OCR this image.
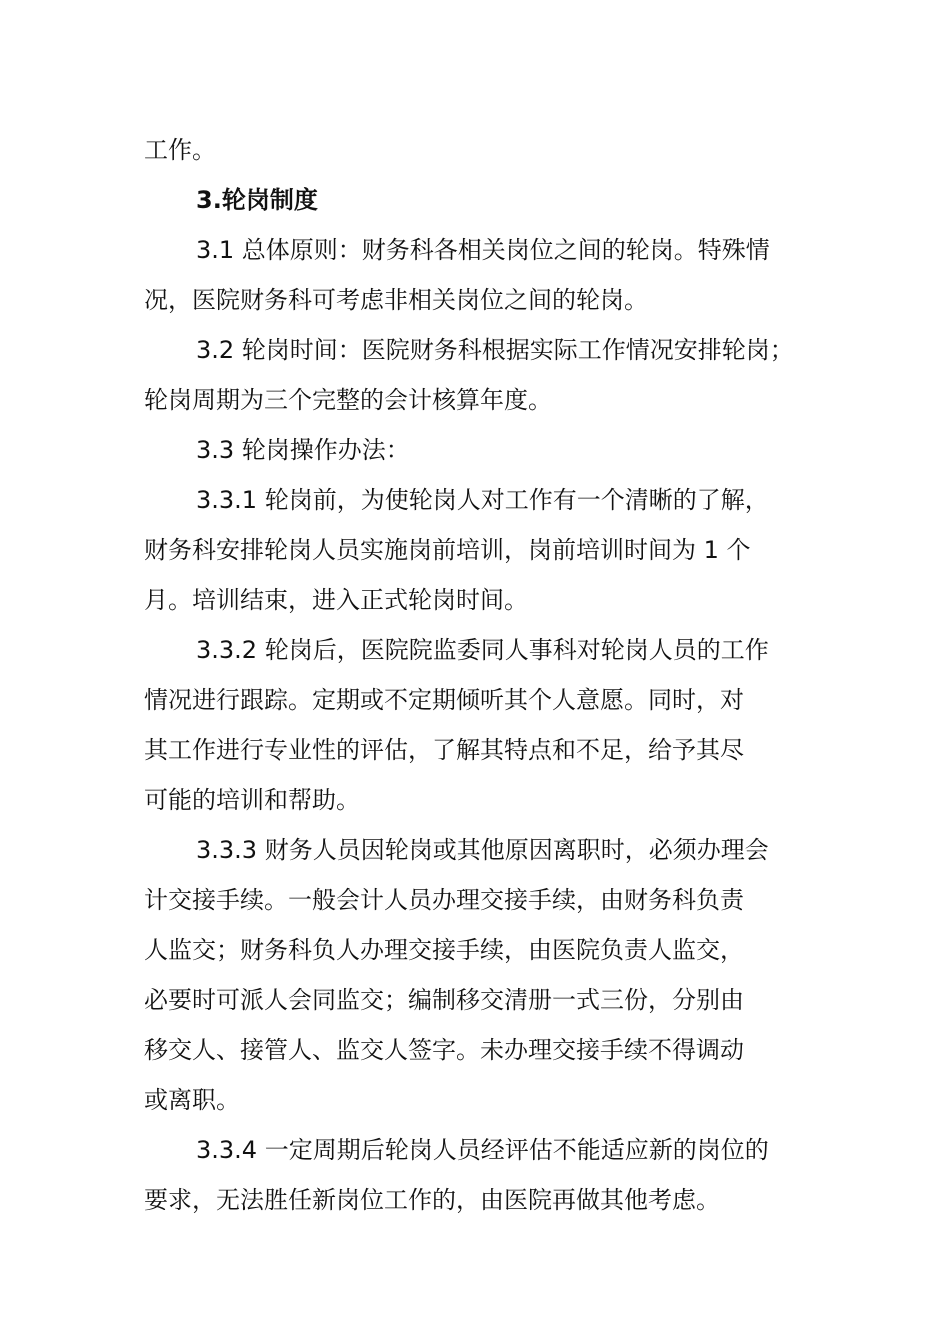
工作。
3.轮岗制度
3.1 总体原则：财务科各相关岗位之间的轮岗。特殊情
况，医院财务科可考虑非相关岗位之间的轮岗。
3.2 轮岗时间：医院财务科根据实际工作情况安排轮岗；
轮岗周期为三个完整的会计核算年度。
3.3 轮岗操作办法：
3.3.1 轮岗前，为使轮岗人对工作有一个清晰的了解，
财务科安排轮岗人员实施岗前培训，岗前培训时间为 1 个
月。培训结束，进入正式轮岗时间。
3.3.2 轮岗后，医院院监委同人事科对轮岗人员的工作
情况进行跟踪。定期或不定期倾听其个人意愿。同时，对
其工作进行专业性的评估，了解其特点和不足，给予其尽
可能的培训和帮助。
3.3.3 财务人员因轮岗或其他原因离职时，必须办理会
计交接手续。一般会计人员办理交接手续，由财务科负责
人监交；财务科负人办理交接手续，由医院负责人监交，
必要时可派人会同监交；编制移交清册一式三份，分别由
移交人、接管人、监交人签字。未办理交接手续不得调动
或离职。
3.3.4 一定周期后轮岗人员经评估不能适应新的岗位的
要求，无法胜任新岗位工作的，由医院再做其他考虑。
